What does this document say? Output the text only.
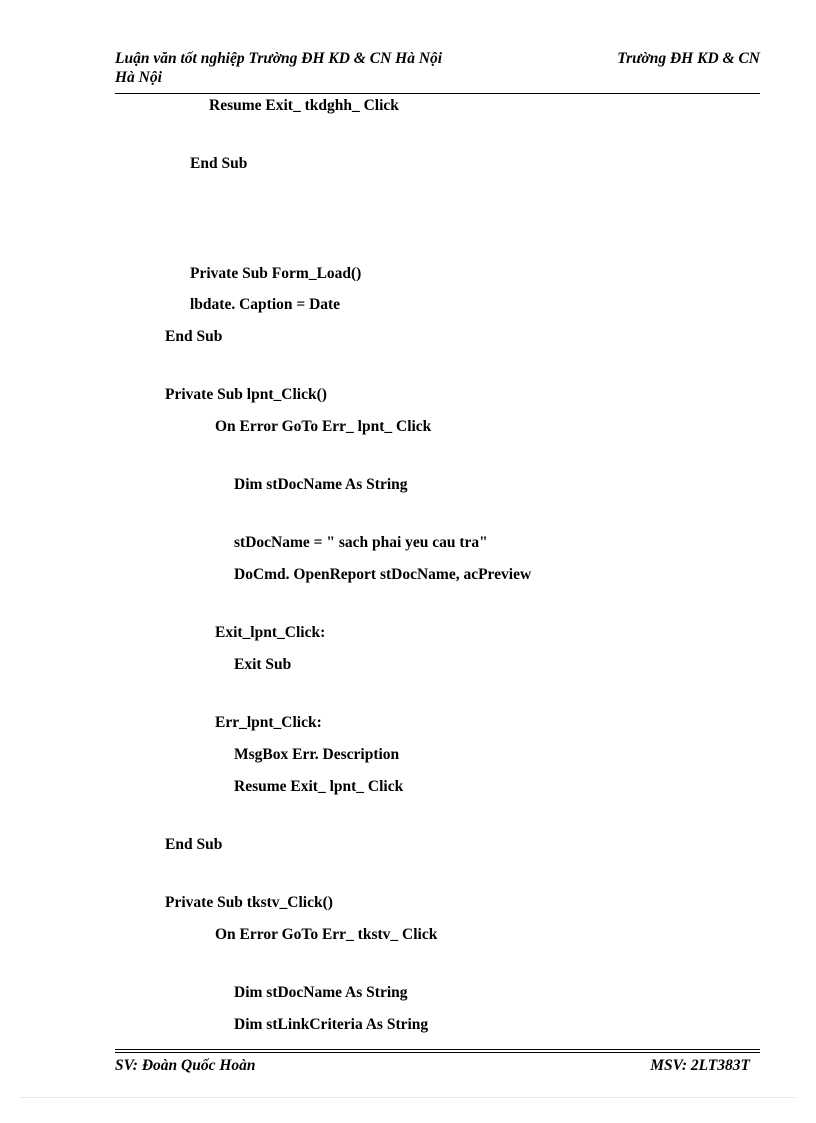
Luận văn tốt nghiệp Trường ĐH KD & CN Hà Nội	Trường ĐH KD & CN
Hà Nội
Resume Exit_ tkdghh_ Click
End Sub
Private Sub Form_Load()
lbdate. Caption = Date
End Sub
Private Sub lpnt_Click()
On Error GoTo Err_ lpnt_ Click
Dim stDocName As String
stDocName = " sach phai yeu cau tra"
DoCmd. OpenReport stDocName, acPreview
Exit_lpnt_Click:
Exit Sub
Err_lpnt_Click:
MsgBox Err. Description
Resume Exit_ lpnt_ Click
End Sub
Private Sub tkstv_Click()
On Error GoTo Err_ tkstv_ Click
Dim stDocName As String
Dim stLinkCriteria As String
SV: Đoàn Quốc Hoàn	MSV: 2LT383T
